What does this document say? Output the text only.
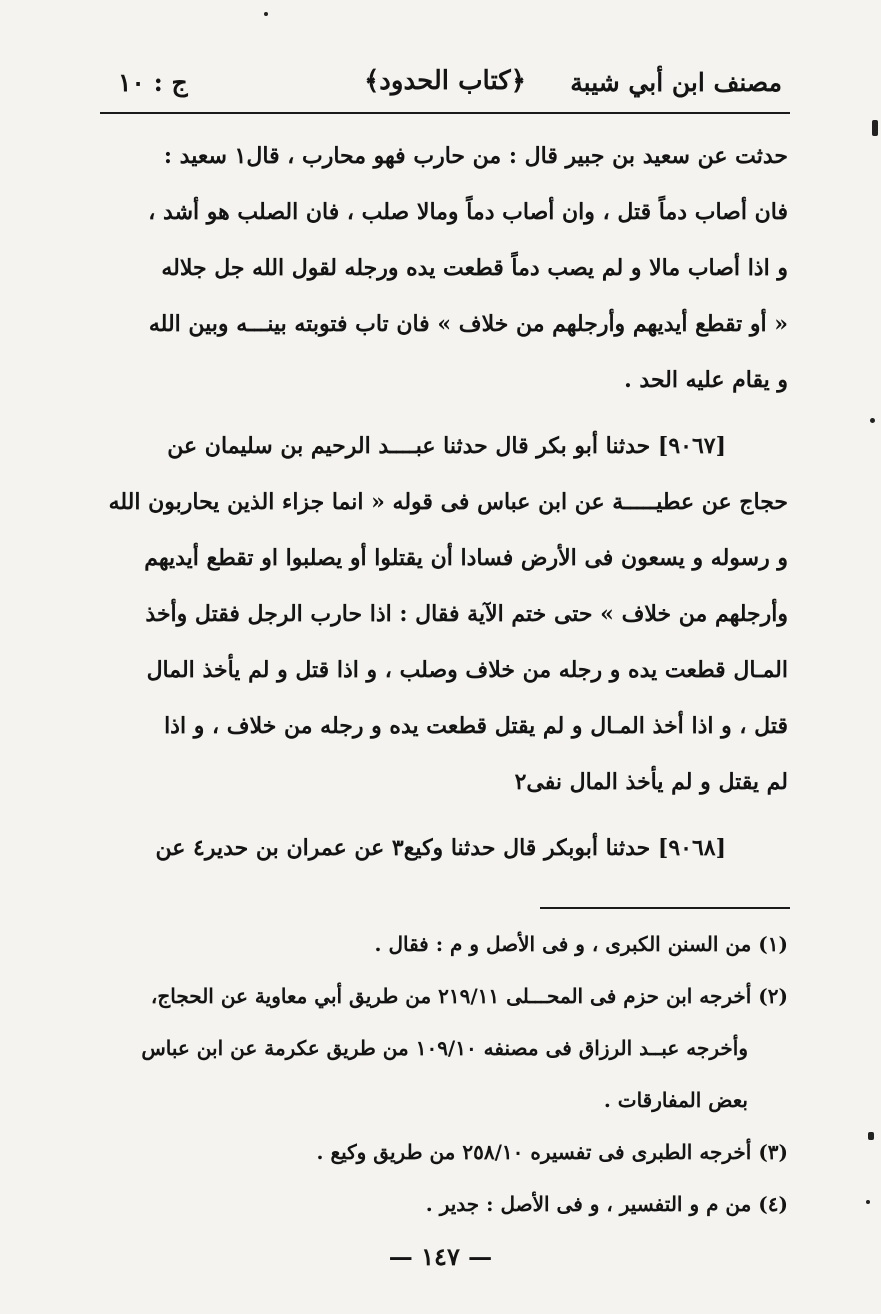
مصنف ابن أبي شيبة
﴿كتاب الحدود﴾
ج : ١٠
حدثت عن سعيد بن جبير قال : من حارب فهو محارب ، قال١ سعيد :
فان أصاب دماً قتل ، وان أصاب دماً ومالا صلب ، فان الصلب هو أشد ،
و اذا أصاب مالا و لم يصب دماً قطعت يده ورجله لقول الله جل جلاله
« أو تقطع أيديهم وأرجلهم من خلاف » فان تاب فتوبته بينـــه وبين الله
و يقام عليه الحد .
[٩٠٦٧] حدثنا أبو بكر قال حدثنا عبــــد الرحيم بن سليمان عن
حجاج عن عطيـــــة عن ابن عباس فى قوله « انما جزاء الذين يحاربون الله
و رسوله و يسعون فى الأرض فسادا أن يقتلوا أو يصلبوا او تقطع أيديهم
وأرجلهم من خلاف » حتى ختم الآية فقال : اذا حارب الرجل فقتل وأخذ
المـال قطعت يده و رجله من خلاف وصلب ، و اذا قتل و لم يأخذ المال
قتل ، و اذا أخذ المـال و لم يقتل قطعت يده و رجله من خلاف ، و اذا
لم يقتل و لم يأخذ المال نفى٢
[٩٠٦٨] حدثنا أبوبكر قال حدثنا وكيع٣ عن عمران بن حدير٤ عن
(١) من السنن الكبرى ، و فى الأصل و م : فقال .
(٢) أخرجه ابن حزم فى المحـــلى ٢١٩/١١ من طريق أبي معاوية عن الحجاج،
وأخرجه عبــد الرزاق فى مصنفه ١٠٩/١٠ من طريق عكرمة عن ابن عباس
بعض المفارقات .
(٣) أخرجه الطبرى فى تفسيره ٢٥٨/١٠ من طريق وكيع .
(٤) من م و التفسير ، و فى الأصل : جدير .
— ١٤٧ —
